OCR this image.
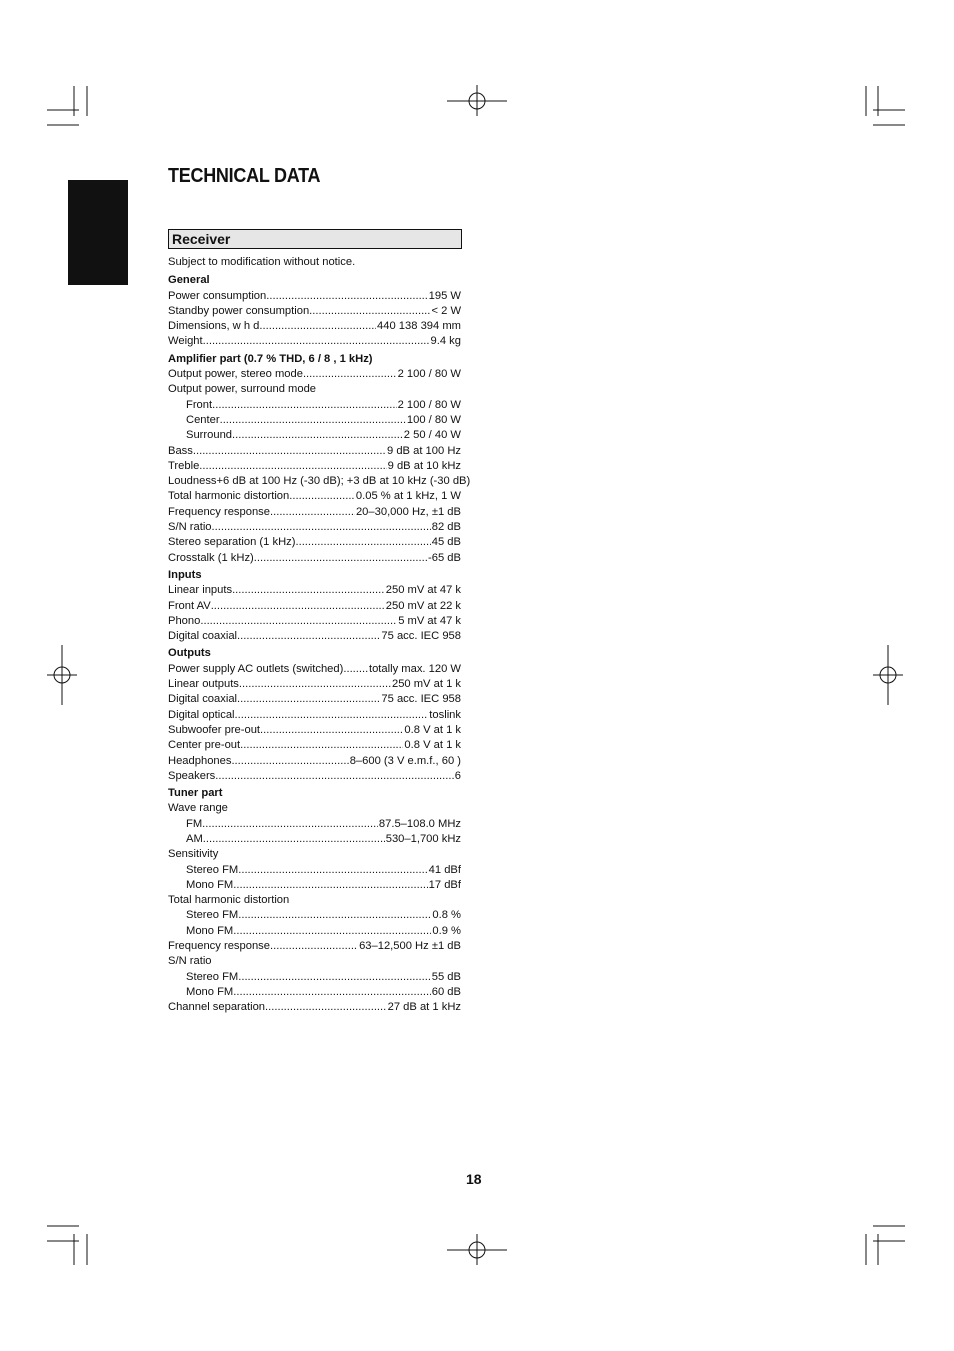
TECHNICAL DATA
Receiver
Subject to modification without notice.
General
Power consumption .....	195 W
Standby power consumption .....	< 2 W
Dimensions, w h d .....	440 138 394 mm
Weight .....	9.4 kg
Amplifier part (0.7 % THD, 6 / 8 , 1 kHz)
Output power, stereo mode .....	2 100 / 80 W
Output power, surround mode
Front .....	2 100 / 80 W
Center .....	100 / 80 W
Surround .....	2 50 / 40 W
Bass .....	9 dB at 100 Hz
Treble .....	9 dB at 10 kHz
Loudness+6 dB at 100 Hz (-30 dB); +3 dB at 10 kHz (-30 dB)
Total harmonic distortion .....	0.05 % at 1 kHz, 1 W
Frequency response .....	20–30,000 Hz, ±1 dB
S/N ratio .....	82 dB
Stereo separation (1 kHz) .....	45 dB
Crosstalk (1 kHz) .....	-65 dB
Inputs
Linear inputs .....	250 mV at 47 k
Front AV .....	250 mV at 22 k
Phono .....	5 mV at 47 k
Digital coaxial .....	75 acc. IEC 958
Outputs
Power supply AC outlets (switched) ..... totally max. 120 W
Linear outputs .....	250 mV at 1 k
Digital coaxial .....	75 acc. IEC 958
Digital optical .....	toslink
Subwoofer pre-out .....	0.8 V at 1 k
Center pre-out .....	0.8 V at 1 k
Headphones .....	8–600 (3 V e.m.f., 60 )
Speakers .....	6
Tuner part
Wave range
FM .....	87.5–108.0 MHz
AM .....	530–1,700 kHz
Sensitivity
Stereo FM .....	41 dBf
Mono FM .....	17 dBf
Total harmonic distortion
Stereo FM .....	0.8 %
Mono FM .....	0.9 %
Frequency response .....	63–12,500 Hz ±1 dB
S/N ratio
Stereo FM .....	55 dB
Mono FM .....	60 dB
Channel separation .....	27 dB at 1 kHz
18
